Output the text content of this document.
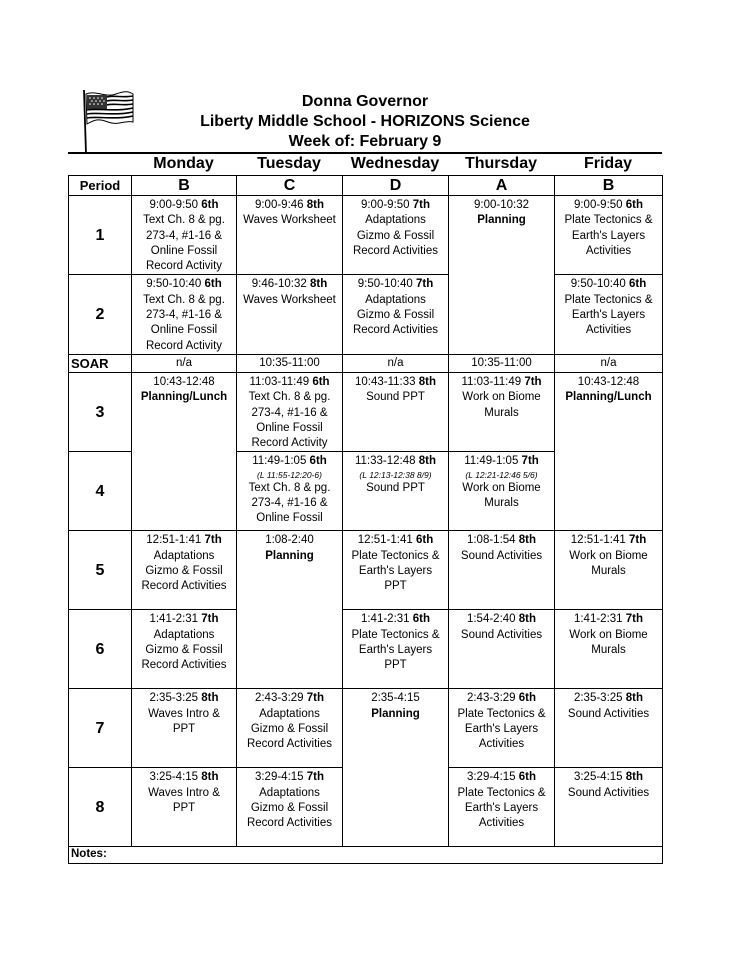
Donna Governor
Liberty Middle School - HORIZONS Science
Week of: February 9
Monday	Tuesday	Wednesday	Thursday	Friday
Period	B	C	D	A	B
1	9:00-9:50 6th
Text Ch. 8 & pg.
273-4, #1-16 &
Online Fossil
Record Activity	9:00-9:46 8th
Waves Worksheet	9:00-9:50 7th
Adaptations
Gizmo & Fossil
Record Activities	9:00-10:32
Planning	9:00-9:50 6th
Plate Tectonics &
Earth's Layers
Activities

2	9:50-10:40 6th
Text Ch. 8 & pg.
273-4, #1-16 &
Online Fossil
Record Activity	9:46-10:32 8th
Waves Worksheet	9:50-10:40 7th
Adaptations
Gizmo & Fossil
Record Activities		9:50-10:40 6th
Plate Tectonics &
Earth's Layers
Activities

SOAR	n/a	10:35-11:00	n/a	10:35-11:00	n/a
3	10:43-12:48
Planning/Lunch	11:03-11:49 6th
Text Ch. 8 & pg.
273-4, #1-16 &
Online Fossil
Record Activity	10:43-11:33 8th
Sound PPT	11:03-11:49 7th
Work on Biome
Murals	10:43-12:48
Planning/Lunch

4		11:49-1:05 6th
(L 11:55-12:20-6)
Text Ch. 8 & pg.
273-4, #1-16 &
Online Fossil	11:33-12:48 8th
(L 12:13-12:38 8/9)
Sound PPT	11:49-1:05 7th
(L 12:21-12:46 5/6)
Work on Biome
Murals	

5	12:51-1:41 7th
Adaptations
Gizmo & Fossil
Record Activities	1:08-2:40
Planning	12:51-1:41 6th
Plate Tectonics &
Earth's Layers
PPT	1:08-1:54 8th
Sound Activities	12:51-1:41 7th
Work on Biome
Murals

6	1:41-2:31 7th
Adaptations
Gizmo & Fossil
Record Activities		1:41-2:31 6th
Plate Tectonics &
Earth's Layers
PPT	1:54-2:40 8th
Sound Activities	1:41-2:31 7th
Work on Biome
Murals

7	2:35-3:25 8th
Waves Intro &
PPT	2:43-3:29 7th
Adaptations
Gizmo & Fossil
Record Activities	2:35-4:15
Planning	2:43-3:29 6th
Plate Tectonics &
Earth's Layers
Activities	2:35-3:25 8th
Sound Activities

8	3:25-4:15 8th
Waves Intro &
PPT	3:29-4:15 7th
Adaptations
Gizmo & Fossil
Record Activities		3:29-4:15 6th
Plate Tectonics &
Earth's Layers
Activities	3:25-4:15 8th
Sound Activities

Notes:					
